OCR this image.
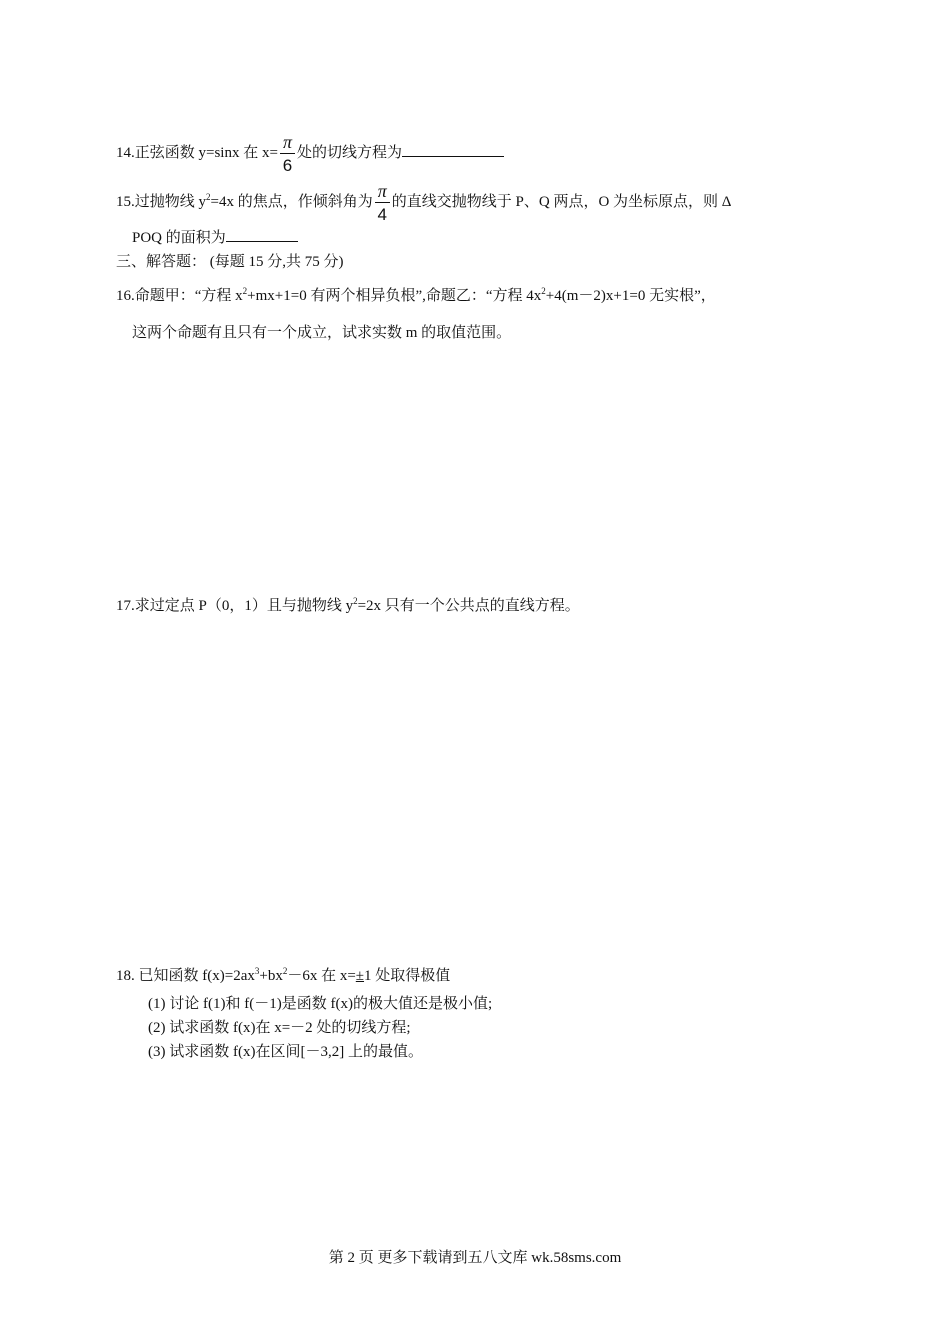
14.正弦函数 y=sinx 在 $x= \frac{\pi}{6}$ 处的切线方程为
15.过抛物线 $y^2=4x$ 的焦点，作倾斜角为 $\frac{\pi}{4}$ 的直线交抛物线于 P、Q 两点，O 为坐标原点，则 Δ
POQ 的面积为
三、解答题： (每题 15 分,共 75 分)
16.命题甲：“方程 $x^2+mx+1=0$ 有两个相异负根”,命题乙：“方程 $4x^2+4(m-2)x+1=0$ 无实根”，
这两个命题有且只有一个成立，试求实数 m 的取值范围。
17.求过定点 P（0，1）且与抛物线 $y^2=2x$ 只有一个公共点的直线方程。
18. 已知函数 $f(x)=2ax^3+bx^2-6x$ 在 x=±1 处取得极值
(1) 讨论 f(1)和 f(－1)是函数 f(x)的极大值还是极小值;
(2) 试求函数 f(x)在 x=－2 处的切线方程;
(3) 试求函数 f(x)在区间[－3,2] 上的最值。
第 2 页 更多下载请到五八文库 wk.58sms.com
